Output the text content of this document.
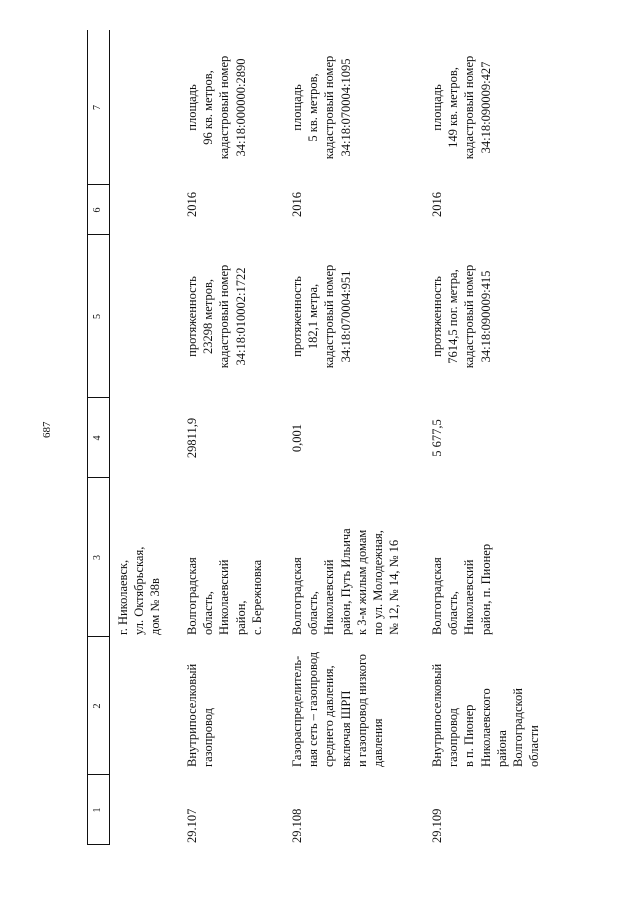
687
1
2
3
4
5
6
7
г. Николаевск,
ул. Октябрьская,
дом № 38в
29.107
Внутрипоселковый
газопровод
Волгоградская
область,
Николаевский
район,
с. Бережновка
29811,9
протяженность
23298 метров,
кадастровый номер
34:18:010002:1722
2016
площадь
96 кв. метров,
кадастровый номер
34:18:000000:2890
29.108
Газораспределитель-
ная сеть – газопровод
среднего давления,
включая ШРП
и газопровод низкого
давления
Волгоградская
область,
Николаевский
район, Путь Ильича
к 3-м жилым домам
по ул. Молодежная,
№ 12, № 14, № 16
0,001
протяженность
182,1 метра,
кадастровый номер
34:18:070004:951
2016
площадь
5 кв. метров,
кадастровый номер
34:18:070004:1095
29.109
Внутрипоселковый
газопровод
в п. Пионер
Николаевского
района
Волгоградской
области
Волгоградская
область,
Николаевский
район, п. Пионер
5 677,5
протяженность
7614,5 пог. метра,
кадастровый номер
34:18:090009:415
2016
площадь
149 кв. метров,
кадастровый номер
34:18:090009:427
